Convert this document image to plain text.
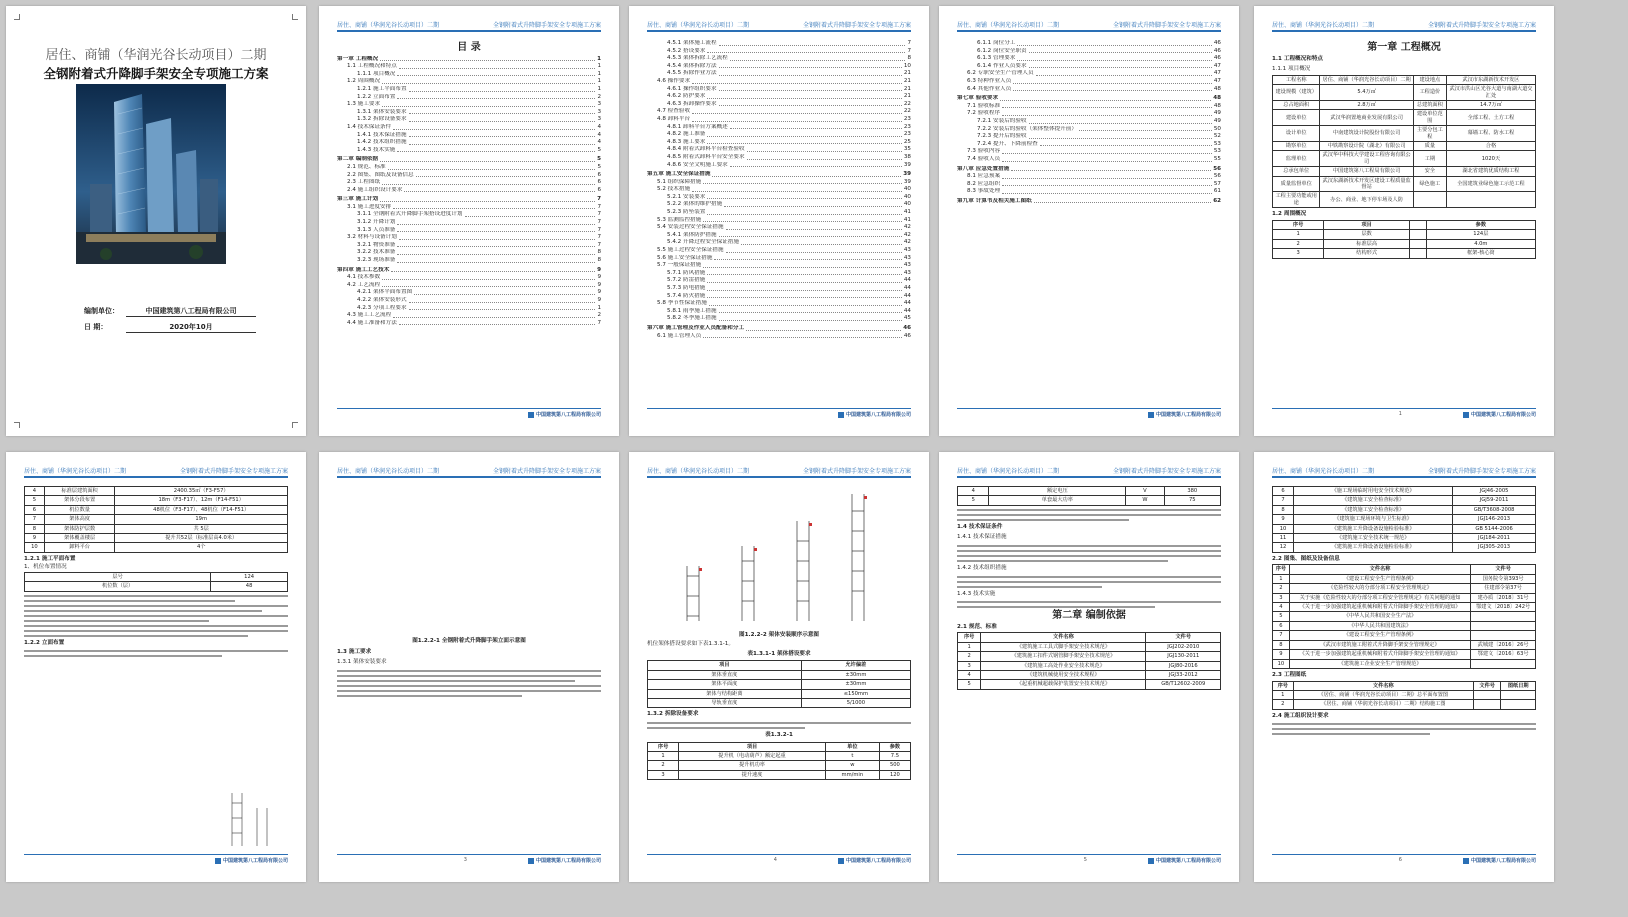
居住、商铺（华润光谷长动项目）二期
全钢附着式升降脚手架安全专项施工方案
编制单位：	中国建筑第八工程局有限公司
日 期：	2020年10月
居住、商铺（华润光谷长动项目）二期	全钢附着式升降脚手架安全专项施工方案
目 录
第一章 工程概况	1
1.1 工程概况和特点	1
1.1.1 项目概况	1
1.2 周围概况	1
1.2.1 施工平面布置	1
1.2.2 立面布置	2
1.3 施工要求	3
1.3.1 架体安装要求	3
1.3.2 拆除设备要求	3
1.4 技术保证条件	4
1.4.1 技术保证措施	4
1.4.2 技术组织措施	4
1.4.3 技术实施	5
第二章 编制依据	5
2.1 规范、标准	5
2.2 图集、图纸及设备信息	6
2.3 工程图纸	6
2.4 施工组织设计要求	6
第三章 施工计划	7
3.1 施工进度安排	7
3.1.1 全钢附着式升降脚手架搭设进度计划	7
3.1.2 升降计划	7
3.1.3 人员准备	7
3.2 材料与设备计划	7
3.2.1 物资准备	7
3.2.2 技术准备	8
3.2.3 现场准备	8
第四章 施工工艺技术	9
4.1 技术参数	9
4.2 工艺流程	9
4.2.1 架体平面布置图	9
4.2.2 架体安装形式	9
4.2.3 分项工程要求	1
4.3 施工工艺流程	2
4.4 施工准备和方法	7
中国建筑第八工程局有限公司
居住、商铺（华润光谷长动项目）二期	全钢附着式升降脚手架安全专项施工方案
4.5.1 架体施工流程	7
4.5.2 搭设要求	7
4.5.3 架体拆除工艺流程	8
4.5.4 架体拆除方法	10
4.5.5 拆除作业方法	21
4.6 操作要求	21
4.6.1 操作组织要求	21
4.6.2 防护要求	21
4.6.3 拆卸操作要求	22
4.7 检查验收	22
4.8 卸料平台	23
4.8.1 卸料平台方案概述	23
4.8.2 施工准备	23
4.8.3 施工要求	25
4.8.4 附着式卸料平台检查验收	35
4.8.5 附着式卸料平台安全要求	38
4.8.6 安全文明施工要求	39
第五章 施工安全保证措施	39
5.1 组织保障措施	39
5.2 技术措施	40
5.2.1 安装要求	40
5.2.2 架体的维护措施	40
5.2.3 防坠装置	41
5.3 监测监控措施	41
5.4 安装过程安全保证措施	42
5.4.1 架体防护措施	42
5.4.2 升降过程安全保证措施	42
5.5 施工过程安全保证措施	43
5.6 施工安全保证措施	43
5.7 一般保证措施	43
5.7.1 防风措施	43
5.7.2 防雷措施	44
5.7.3 防电措施	44
5.7.4 防火措施	44
5.8 季节性保证措施	44
5.8.1 雨季施工措施	44
5.8.2 冬季施工措施	45
第六章 施工管理及作业人员配备和分工	46
6.1 施工管理人员	46
中国建筑第八工程局有限公司
居住、商铺（华润光谷长动项目）二期	全钢附着式升降脚手架安全专项施工方案
6.1.1 岗位分工	46
6.1.2 岗位安全职责	46
6.1.3 管理要求	46
6.1.4 作业人员要求	47
6.2 专职安全生产管理人员	47
6.3 特种作业人员	47
6.4 其他作业人员	48
第七章 验收要求	48
7.1 验收标准	48
7.2 验收程序	49
7.2.1 安装后的验收	49
7.2.2 安装后的验收（架体整体提升前）	50
7.2.3 提升后的验收	52
7.2.4 提升、下降前检查	53
7.3 验收内容	53
7.4 验收人员	55
第八章 应急处置措施	56
8.1 应急预案	56
8.2 应急组织	57
8.3 事故处理	61
第九章 计算书及相关施工图纸	62
中国建筑第八工程局有限公司
居住、商铺（华润光谷长动项目）二期	全钢附着式升降脚手架安全专项施工方案
第一章 工程概况
1.1 工程概况和特点
1.1.1 项目概况
工程名称	居住、商铺（华润光谷长动项目）二期	建设地点	武汉市东湖新技术开发区
建设规模（建筑）	5.4万㎡	工程造价	武汉市洪山区光谷大道与南湖大道交汇处
总占地面积	2.8万㎡	总建筑面积	14.7万㎡
建设单位	武汉华润置地商业发展有限公司	建设单位范围	全部工程、土方工程
设计单位	中南建筑设计院股份有限公司	主要分包工程	幕墙工程、防水工程
勘察单位	中铁勘察设计院（湖北）有限公司	质量	合格
监理单位	武汉华中科技大学建设工程咨询有限公司	工期	1020天
总承包单位	中国建筑第八工程局有限公司	安全	湖北省建筑优质结构工程
质量监督单位	武汉东湖新技术开发区建设工程质量监督站	绿色施工	全国建筑业绿色施工示范工程
工程主要功能或用途	办公、商业、地下停车场及人防		
1.2 周围概况
序号	项目		参数
1	层数		124层
2	标准层高		4.0m
3	结构形式		框架-核心筒
1	中国建筑第八工程局有限公司
居住、商铺（华润光谷长动项目）二期	全钢附着式升降脚手架安全专项施工方案
4	标准层建筑面积	2400.35㎡（F3-F57）
5	架体分段布置	18m（F3-F17）、12m（F14-F51）
6	机位数量	48机位（F3-F17）、48机位（F14-F51）
7	架体高度	19m
8	架体防护层数	共 5层
9	架体覆盖楼层	提升共52层（标准层高4.0米）
10	卸料平台	4个
1.2.1 施工平面布置
1、机位布置情况
层号	124
机位数（层）	48
1.2.2 立面布置
中国建筑第八工程局有限公司
居住、商铺（华润光谷长动项目）二期	全钢附着式升降脚手架安全专项施工方案
图1.2.2-1 全钢附着式升降脚手架立面示意图
1.3 施工要求
1.3.1 架体安装要求
3	中国建筑第八工程局有限公司
居住、商铺（华润光谷长动项目）二期	全钢附着式升降脚手架安全专项施工方案
图1.2.2-2 架体安装顺序示意图
机位架体搭设要求如下表1.3.1-1。
表1.3.1-1 架体搭设要求
项目	允许偏差
架体垂直度	±30mm
架体平面度	±30mm
架体与结构距离	≤150mm
导轨垂直度	5/1000
1.3.2 拆除设备要求
表1.3.2-1
序号	项目	单位	参数
1	提升机（电动葫芦）额定起重	t	7.5
2	提升机功率	w	500
3	提升速度	mm/min	120
4	中国建筑第八工程局有限公司
居住、商铺（华润光谷长动项目）二期	全钢附着式升降脚手架安全专项施工方案
4	额定电压	V	380
5	单套最大功率	W	75
1.4 技术保证条件
1.4.1 技术保证措施
1.4.2 技术组织措施
1.4.3 技术实施
第二章 编制依据
2.1 规范、标准
序号	文件名称	文件号
1	《建筑施工工具式脚手架安全技术规范》	JGJ202-2010
2	《建筑施工扣件式钢管脚手架安全技术规范》	JGJ130-2011
3	《建筑施工高处作业安全技术规范》	JGJ80-2016
4	《建筑机械使用安全技术规程》	JGJ33-2012
5	《起重机械超载保护装置安全技术规范》	GB/T12602-2009
5	中国建筑第八工程局有限公司
居住、商铺（华润光谷长动项目）二期	全钢附着式升降脚手架安全专项施工方案
6	《施工现场临时用电安全技术规范》	JGJ46-2005
7	《建筑施工安全检查标准》	JGJ59-2011
8	《建筑施工安全检查标准》	GB/T3608-2008
9	《建筑施工现场环境与卫生标准》	JGJ146-2013
10	《建筑施工升降设备设施检验标准》	GB 5144-2006
11	《建筑施工安全技术统一规范》	JGJ184-2011
12	《建筑施工升降设备设施检验标准》	JGJ305-2013
2.2 图集、图纸及设备信息
序号	文件名称	文件号
1	《建设工程安全生产管理条例》	国务院令第393号
2	《危险性较大的分部分项工程安全管理规定》	住建部令第37号
3	关于实施《危险性较大的分部分项工程安全管理规定》有关问题的通知	建办质〔2018〕31号
4	《关于进一步加强建筑起重机械和附着式升降脚手架安全管理的通知》	鄂建文〔2018〕242号
5	《中华人民共和国安全生产法》	
6	《中华人民共和国建筑法》	
7	《建设工程安全生产管理条例》	
8	《武汉市建筑施工附着式升降脚手架安全管理规定》	武城建〔2016〕26号
9	《关于进一步加强建筑起重机械和附着式升降脚手架安全管理的通知》	鄂建文〔2016〕63号
10	《建筑施工企业安全生产管理规范》	
2.3 工程图纸
序号	文件名称	文件号	图纸日期
1	《居住、商铺（华润光谷长动项目）二期》总平面布置图		
2	《居住、商铺（华润光谷长动项目）二期》结构施工图		
2.4 施工组织设计要求
6	中国建筑第八工程局有限公司
